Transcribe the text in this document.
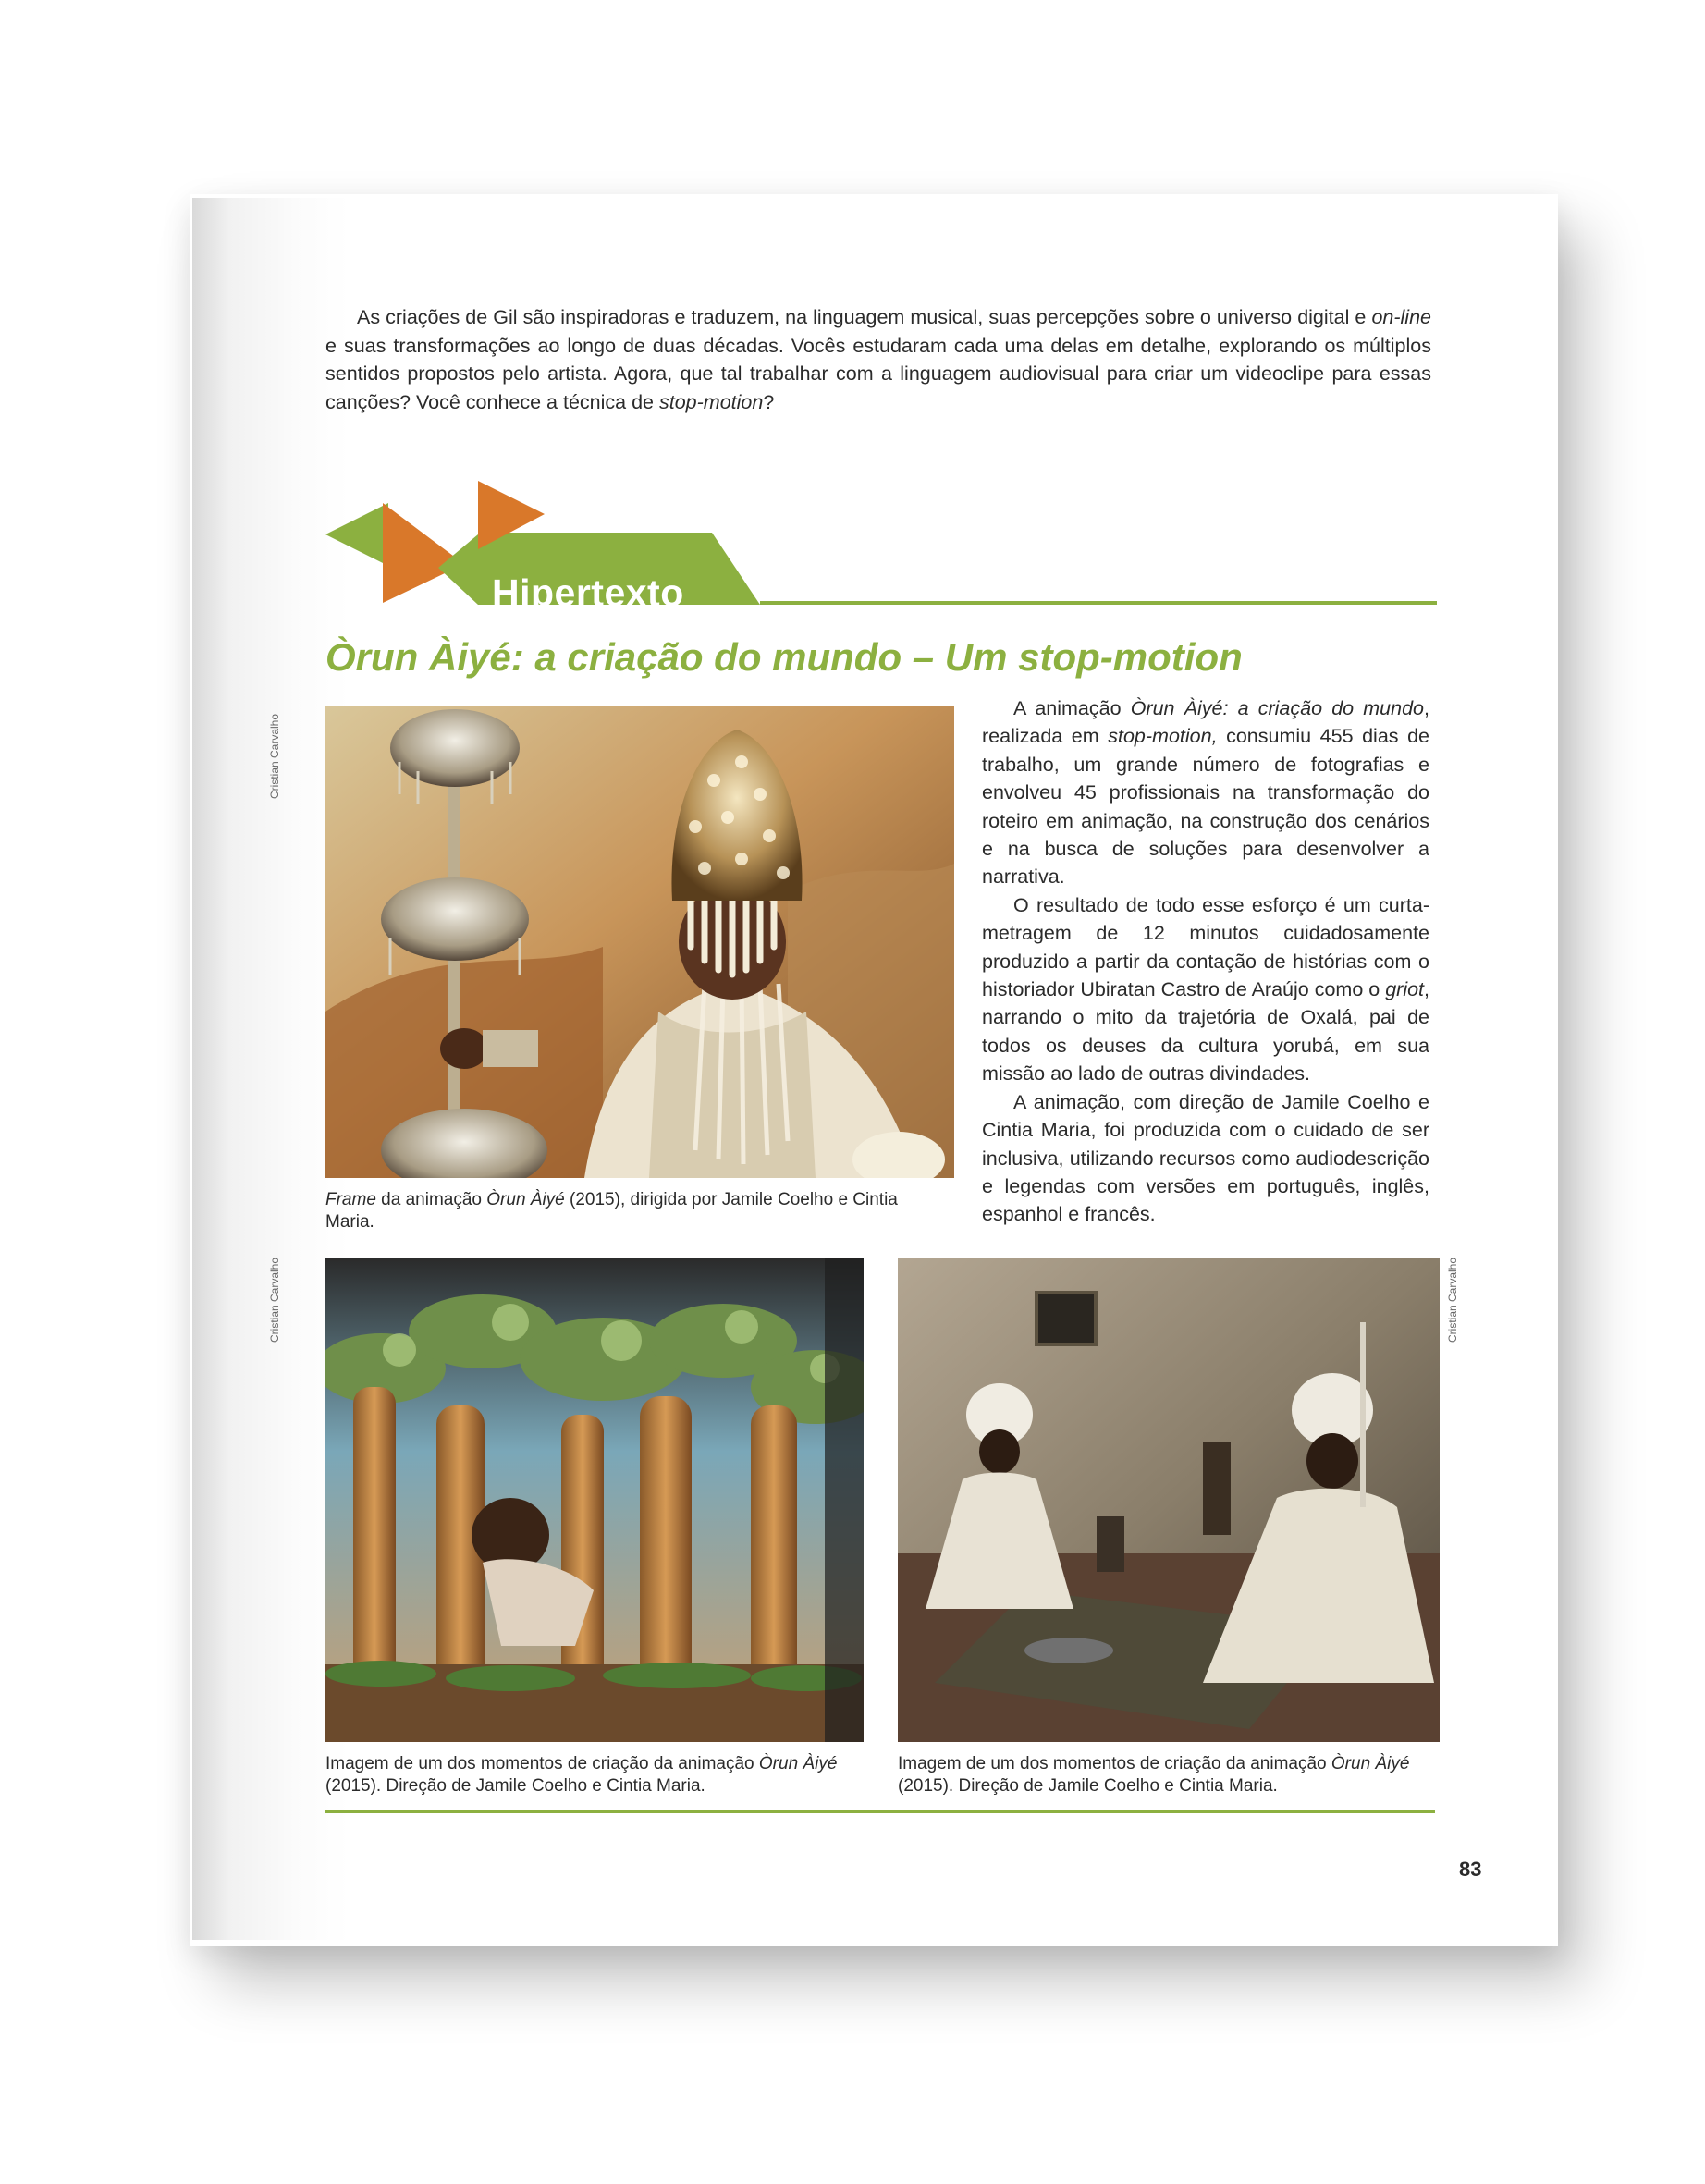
As criações de Gil são inspiradoras e traduzem, na linguagem musical, suas percepções sobre o universo digital e on-line e suas transformações ao longo de duas décadas. Vocês estudaram cada uma delas em detalhe, explorando os múltiplos sentidos propostos pelo artista. Agora, que tal trabalhar com a linguagem audiovisual para criar um videoclipe para essas canções? Você conhece a técnica de stop-motion?

Hipertexto
Òrun Àiyé: a criação do mundo – Um stop-motion
Cristian Carvalho
Frame da animação Òrun Àiyé (2015), dirigida por Jamile Coelho e Cintia Maria.

A animação Òrun Àiyé: a criação do mundo, realizada em stop-motion, consumiu 455 dias de trabalho, um grande número de fotografias e envolveu 45 profissionais na transformação do roteiro em animação, na construção dos cenários e na busca de soluções para desenvolver a narrativa.

O resultado de todo esse esforço é um curta-metragem de 12 minutos cuidadosamente produzido a partir da contação de histórias com o historiador Ubiratan Castro de Araújo como o griot, narrando o mito da trajetória de Oxalá, pai de todos os deuses da cultura yorubá, em sua missão ao lado de outras divindades.

A animação, com direção de Jamile Coelho e Cintia Maria, foi produzida com o cuidado de ser inclusiva, utilizando recursos como audiodescrição e legendas com versões em português, inglês, espanhol e francês.

Cristian Carvalho
Imagem de um dos momentos de criação da animação Òrun Àiyé (2015). Direção de Jamile Coelho e Cintia Maria.
Cristian Carvalho
Imagem de um dos momentos de criação da animação Òrun Àiyé (2015). Direção de Jamile Coelho e Cintia Maria.
83
